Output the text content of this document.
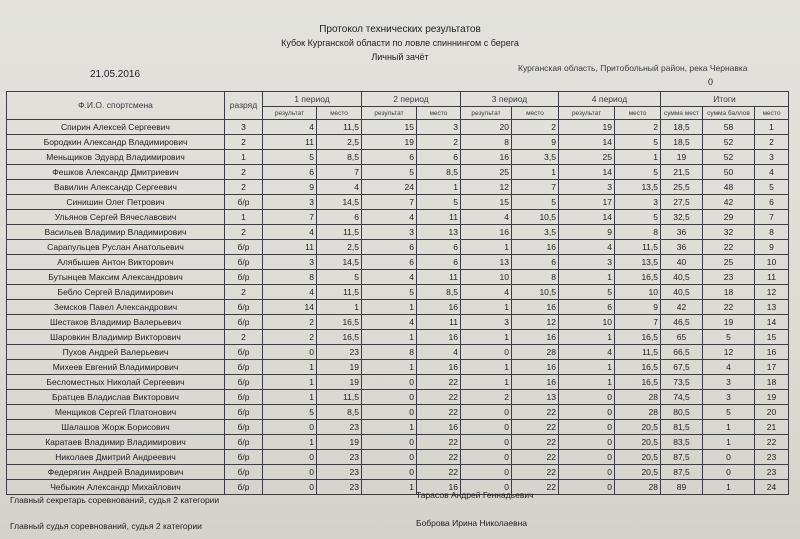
Протокол технических результатов
Кубок Курганской области по ловле спиннингом с берега
Личный зачёт
21.05.2016
Курганская область, Притобольный район, река Чернавка
0
Ф.И.О. спортсмена	разряд	1 период		2 период		3 период		4 период		Итоги		
		результат	место	результат	место	результат	место	результат	место	сумма мест	сумма баллов	место
Спирин Алексей Сергеевич	3	4	11,5	15	3	20	2	19	2	18,5	58	1
Бородкин Александр Владимирович	2	11	2,5	19	2	8	9	14	5	18,5	52	2
Меньщиков Эдуард Владимирович	1	5	8,5	6	6	16	3,5	25	1	19	52	3
Фешков Александр Дмитриевич	2	6	7	5	8,5	25	1	14	5	21,5	50	4
Вавилин Александр Сергеевич	2	9	4	24	1	12	7	3	13,5	25,5	48	5
Синишин Олег Петрович	б/р	3	14,5	7	5	15	5	17	3	27,5	42	6
Ульянов Сергей Вячеславович	1	7	6	4	11	4	10,5	14	5	32,5	29	7
Васильев Владимир Владимирович	2	4	11,5	3	13	16	3,5	9	8	36	32	8
Сарапульцев Руслан Анатольевич	б/р	11	2,5	6	6	1	16	4	11,5	36	22	9
Алябышев Антон Викторович	б/р	3	14,5	6	6	13	6	3	13,5	40	25	10
Бутынцев Максим Александрович	б/р	8	5	4	11	10	8	1	16,5	40,5	23	11
Бебло Сергей Владимирович	2	4	11,5	5	8,5	4	10,5	5	10	40,5	18	12
Земсков Павел Александрович	б/р	14	1	1	16	1	16	6	9	42	22	13
Шестаков Владимир Валерьевич	б/р	2	16,5	4	11	3	12	10	7	46,5	19	14
Шаровкин Владимир Викторович	2	2	16,5	1	16	1	16	1	16,5	65	5	15
Пухов Андрей Валерьевич	б/р	0	23	8	4	0	28	4	11,5	66,5	12	16
Михеев Евгений Владимирович	б/р	1	19	1	16	1	16	1	16,5	67,5	4	17
Бесломестных Николай Сергеевич	б/р	1	19	0	22	1	16	1	16,5	73,5	3	18
Братцев Владислав Викторович	б/р	1	11,5	0	22	2	13	0	28	74,5	3	19
Менщиков Сергей Платонович	б/р	5	8,5	0	22	0	22	0	28	80,5	5	20
Шалашов Жорж Борисович	б/р	0	23	1	16	0	22	0	20,5	81,5	1	21
Каратаев Владимир Владимирович	б/р	1	19	0	22	0	22	0	20,5	83,5	1	22
Николаев Дмитрий Андреевич	б/р	0	23	0	22	0	22	0	20,5	87,5	0	23
Федерягин Андрей Владимирович	б/р	0	23	0	22	0	22	0	20,5	87,5	0	23
Чебыкин Александр Михайлович	б/р	0	23	1	16	0	22	0	28	89	1	24
Главный секретарь соревнований, судья 2 категории	Тарасов Андрей Геннадьевич
Главный судья соревнований, судья 2 категории	Боброва Ирина Николаевна
